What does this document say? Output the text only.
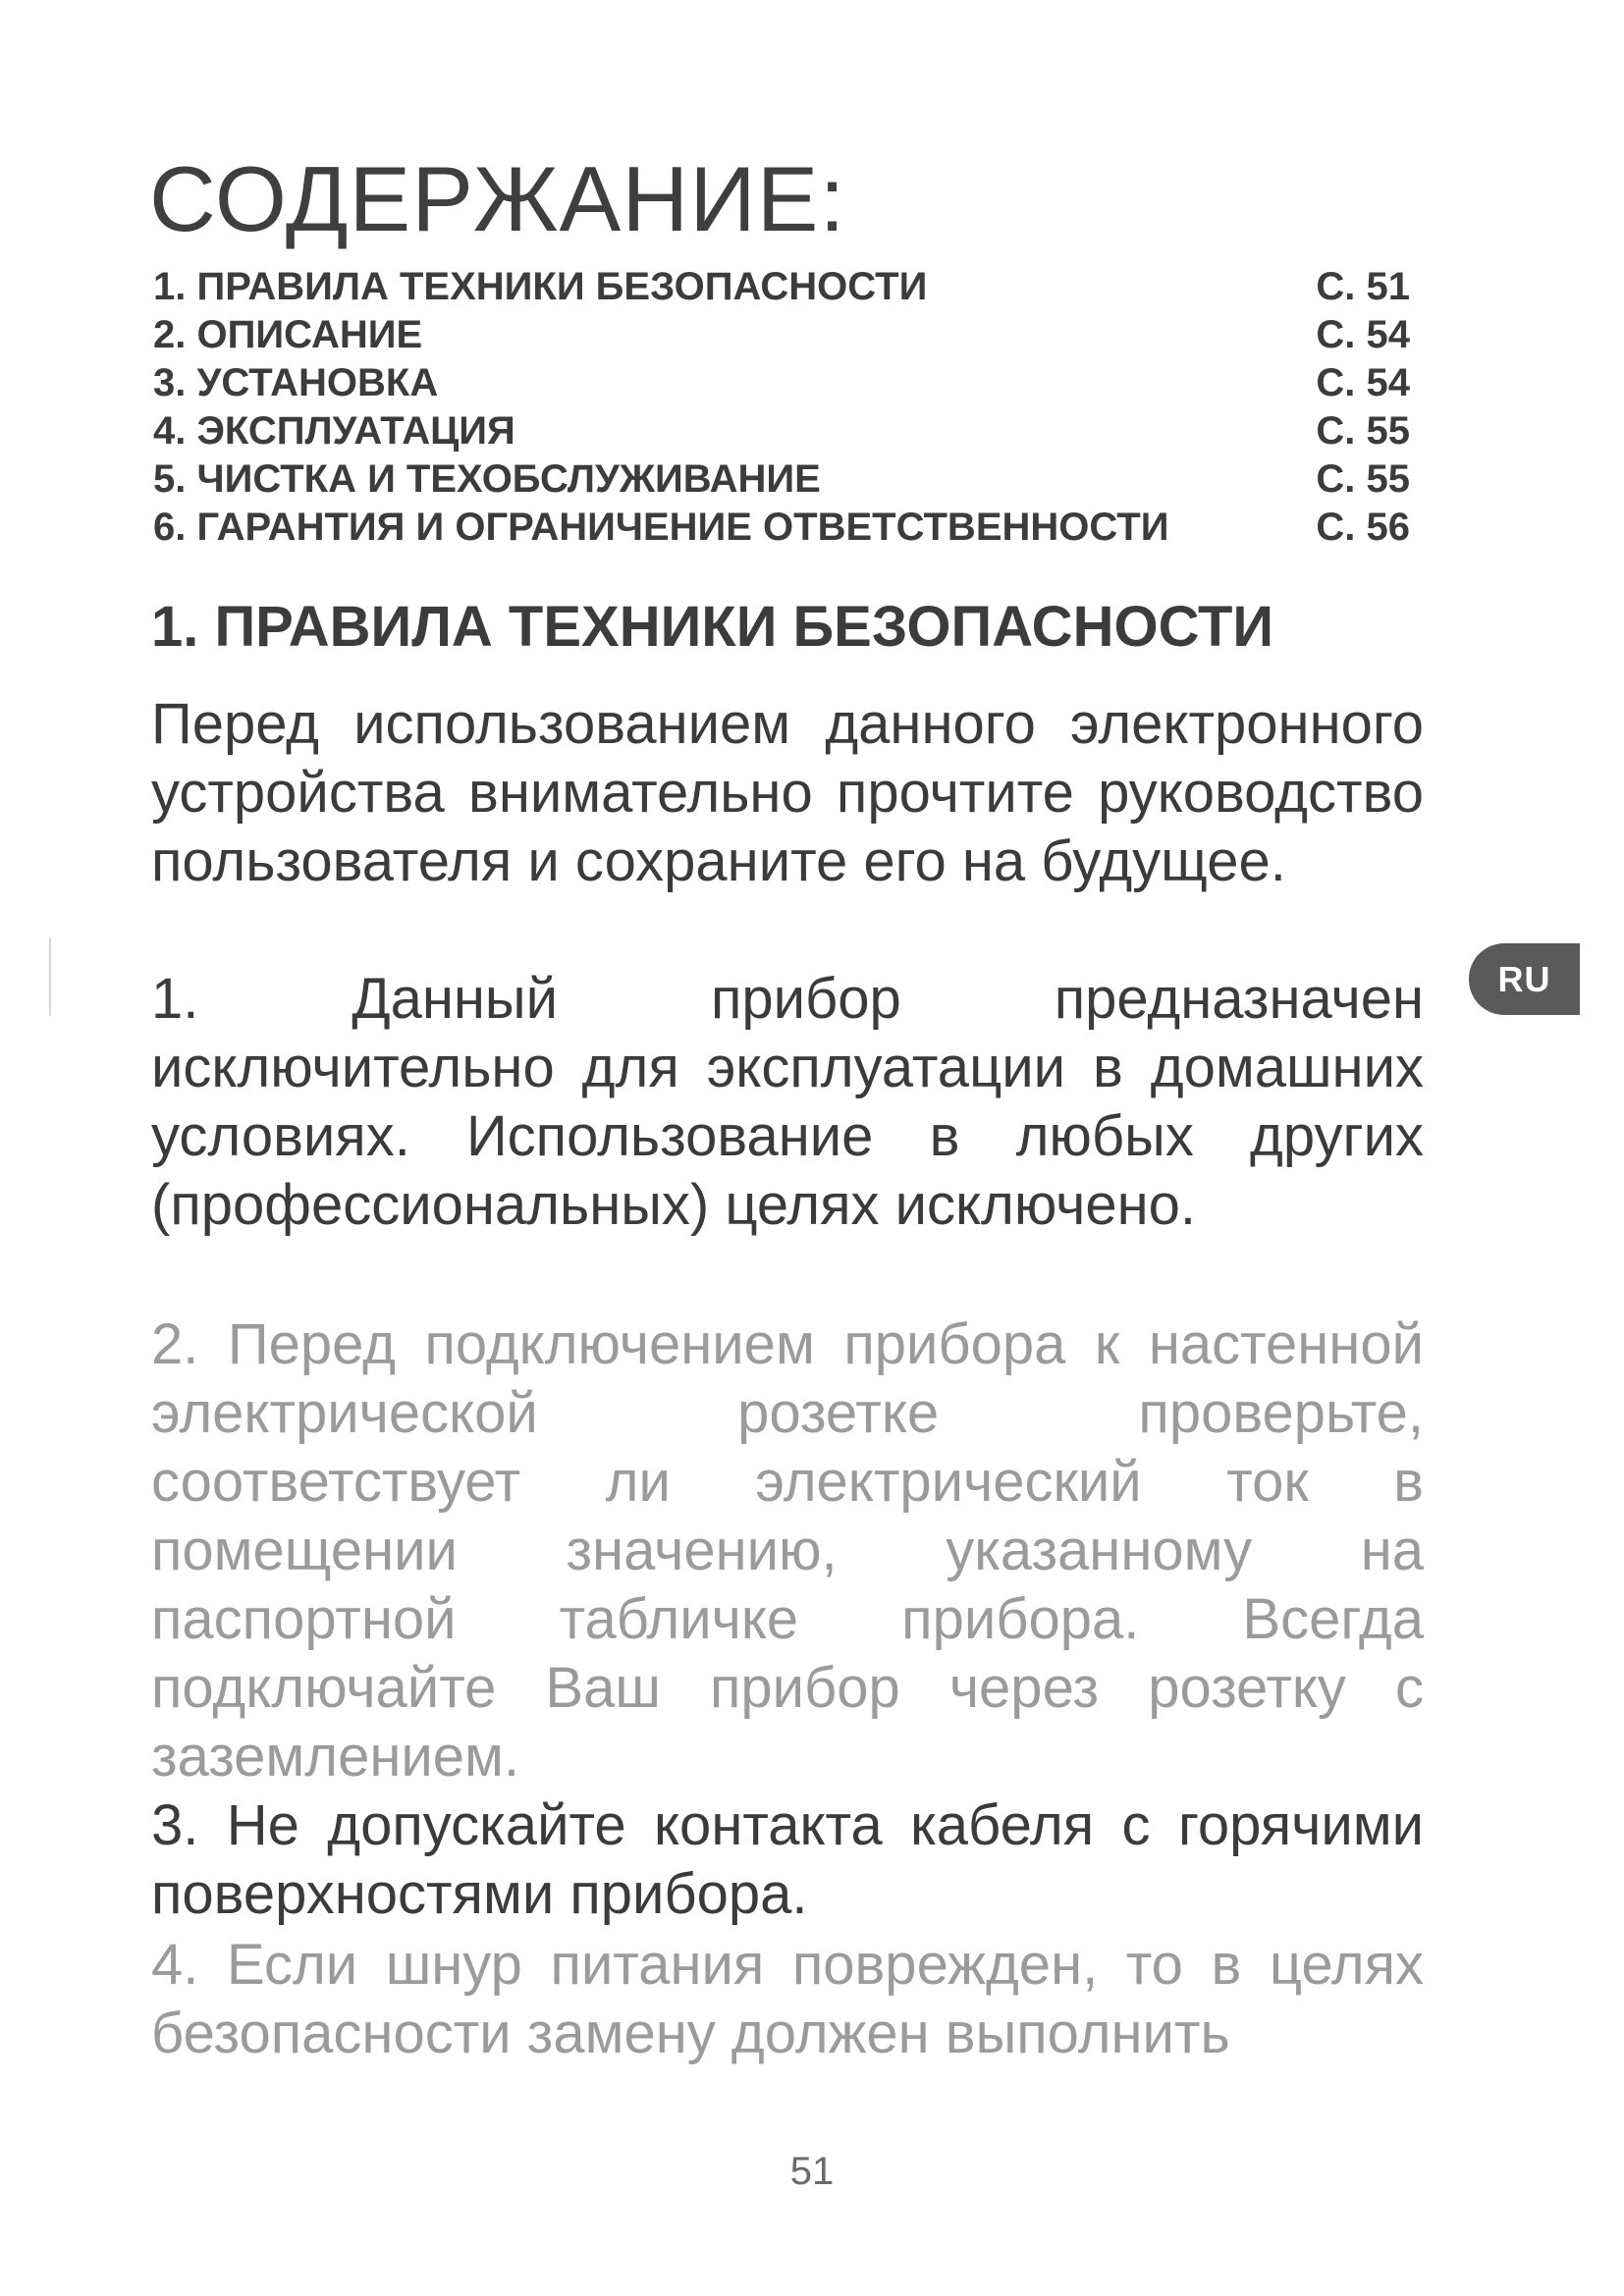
СОДЕРЖАНИЕ:
1. ПРАВИЛА ТЕХНИКИ БЕЗОПАСНОСТИ	С. 51
2. ОПИСАНИЕ	С. 54
3. УСТАНОВКА	С. 54
4. ЭКСПЛУАТАЦИЯ	С. 55
5. ЧИСТКА И ТЕХОБСЛУЖИВАНИЕ	С. 55
6. ГАРАНТИЯ И ОГРАНИЧЕНИЕ ОТВЕТСТВЕННОСТИ	С. 56
1. ПРАВИЛА ТЕХНИКИ БЕЗОПАСНОСТИ

Перед использованием данного электронного устройства внимательно прочтите руководство пользователя и сохраните его на будущее.

1. Данный прибор предназначен исключительно для эксплуатации в домашних условиях. Использование в любых других (профессиональных) целях исключено.

2. Перед подключением прибора к настенной электрической розетке проверьте, соответствует ли электрический ток в помещении значению, указанному на паспортной табличке прибора. Всегда подключайте Ваш прибор через розетку с заземлением.

3. Не допускайте контакта кабеля с горячими поверхностями прибора.

4. Если шнур питания поврежден, то в целях безопасности замену должен выполнить

RU

51
